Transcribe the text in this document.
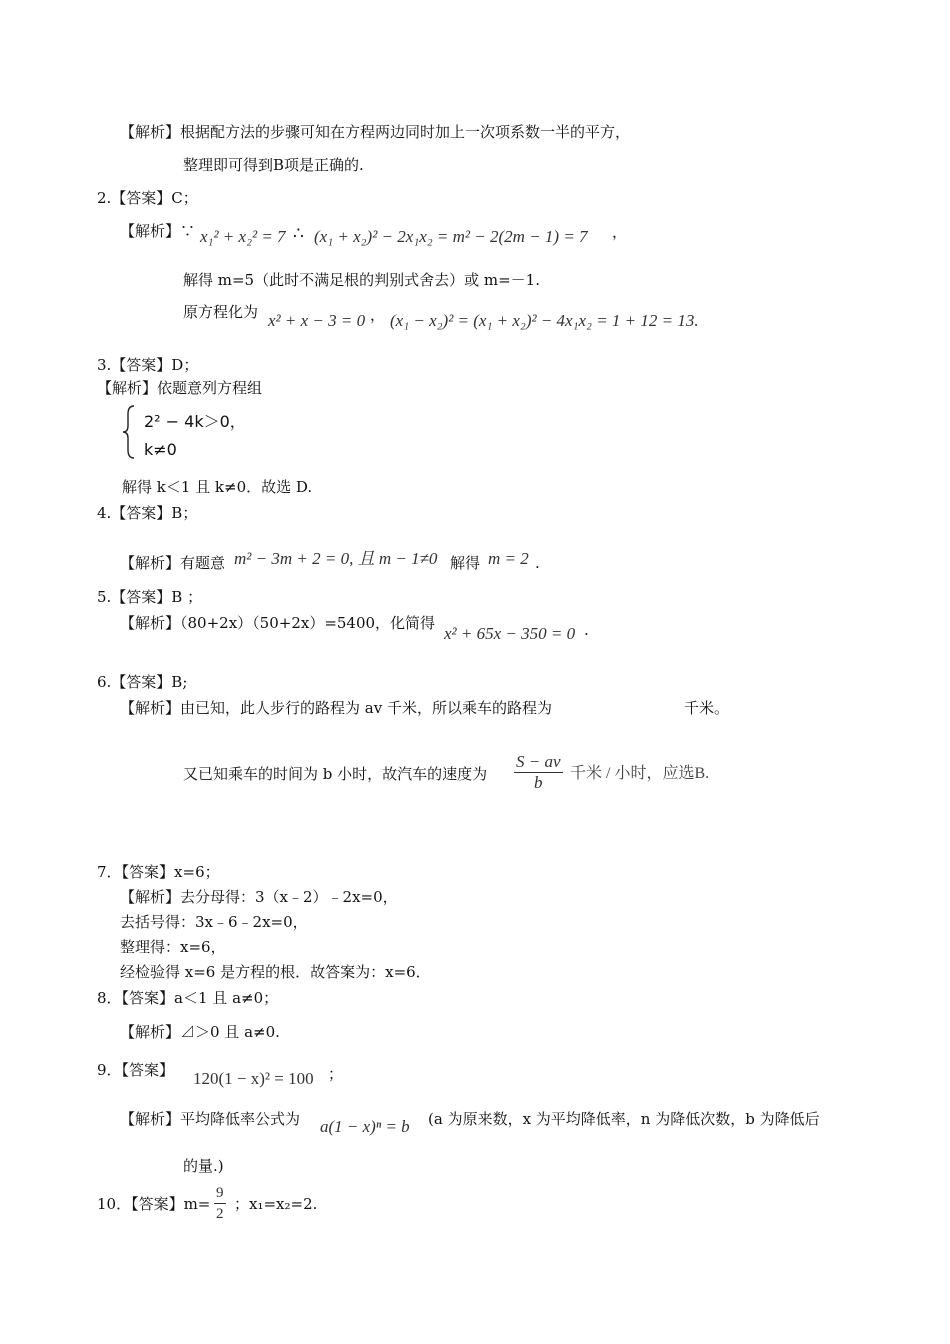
【解析】根据配方法的步骤可知在方程两边同时加上一次项系数一半的平方，
整理即可得到B项是正确的.
2.【答案】C；
【解析】∵ x₁² + x₂² = 7 ∴ (x₁ + x₂)² − 2x₁x₂ = m² − 2(2m − 1) = 7 ，
解得 m=5（此时不满足根的判别式舍去）或 m=－1.
原方程化为 x² + x − 3 = 0 ， (x₁ − x₂)² = (x₁ + x₂)² − 4x₁x₂ = 1 + 12 = 13.
3.【答案】D；
【解析】依题意列方程组
2² − 4k＞0，
k≠0
解得 k＜1 且 k≠0．故选 D.
4.【答案】B；
【解析】有题意 m² − 3m + 2 = 0, 且 m − 1≠0 解得 m = 2 .
5.【答案】B ；
【解析】（80+2x）（50+2x）=5400，化简得
x² + 65x − 350 = 0 .
6.【答案】B;
【解析】由已知，此人步行的路程为 av 千米，所以乘车的路程为	千米。
又已知乘车的时间为 b 小时，故汽车的速度为 $\frac{S - av}{b}$ 千米 / 小时，应选B.
7．【答案】x=6；
【解析】去分母得：3（x﹣2）﹣2x=0，
去括号得：3x﹣6﹣2x=0，
整理得：x=6，
经检验得 x=6 是方程的根．故答案为：x=6．
8．【答案】a＜1 且 a≠0；
【解析】⊿＞0 且 a≠0.
9．【答案】 120(1 − x)² = 100 ；
【解析】平均降低率公式为 a(1 − x)ⁿ = b (a 为原来数，x 为平均降低率，n 为降低次数，b 为降低后
的量.)
10．【答案】$m= \frac{9}{2}$ ；x₁=x₂=2.
